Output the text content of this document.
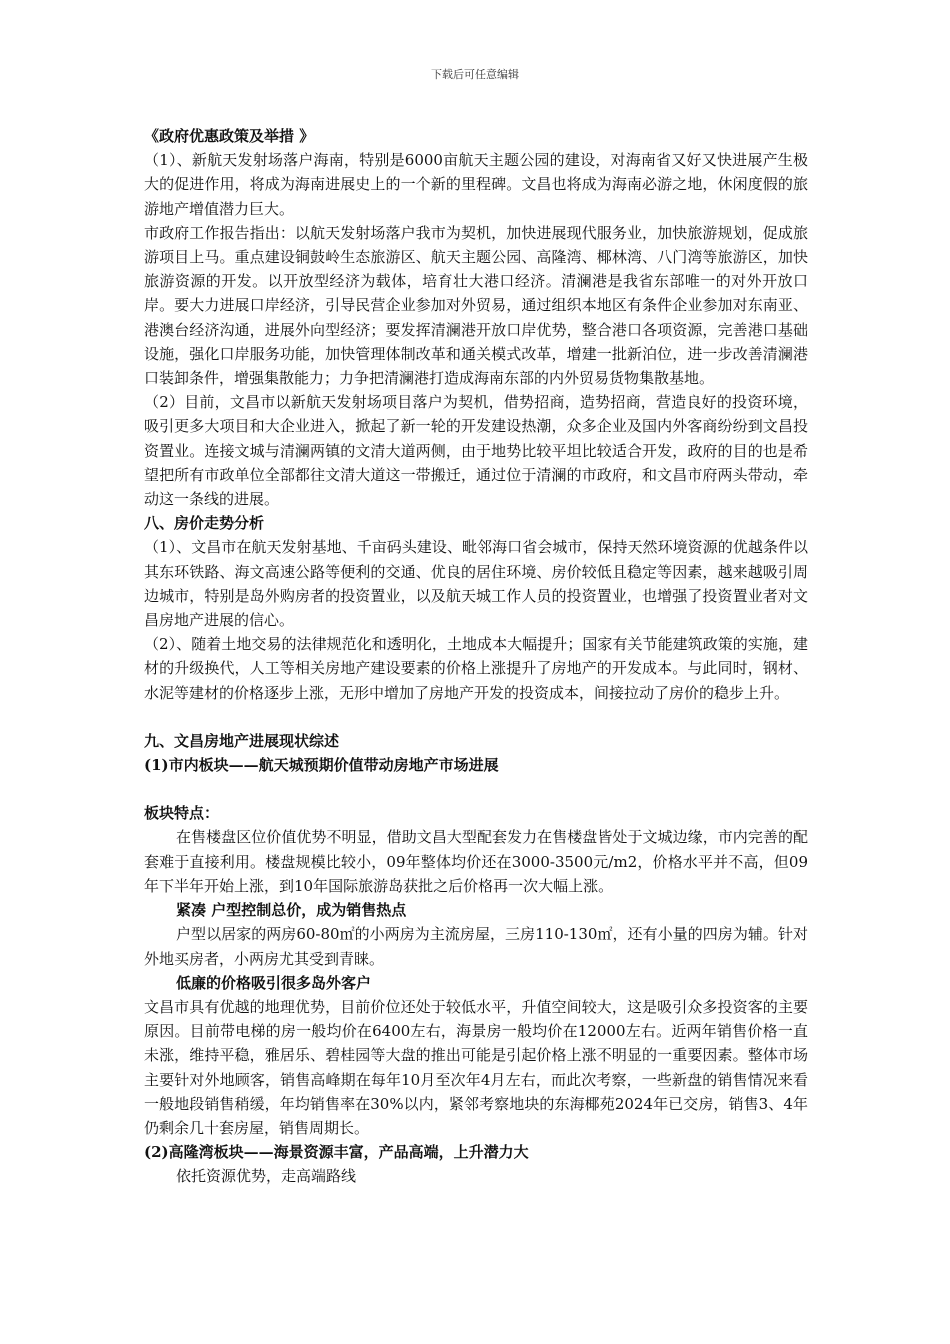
下载后可任意编辑

《政府优惠政策及举措 》

（1）、新航天发射场落户海南，特别是6000亩航天主题公园的建设，对海南省又好又快进展产生极大的促进作用，将成为海南进展史上的一个新的里程碑。文昌也将成为海南必游之地，休闲度假的旅游地产增值潜力巨大。

市政府工作报告指出：以航天发射场落户我市为契机，加快进展现代服务业，加快旅游规划，促成旅游项目上马。重点建设铜鼓岭生态旅游区、航天主题公园、高隆湾、椰林湾、八门湾等旅游区，加快旅游资源的开发。以开放型经济为载体，培育壮大港口经济。清澜港是我省东部唯一的对外开放口岸。要大力进展口岸经济，引导民营企业参加对外贸易，通过组织本地区有条件企业参加对东南亚、港澳台经济沟通，进展外向型经济；要发挥清澜港开放口岸优势，整合港口各项资源，完善港口基础设施，强化口岸服务功能，加快管理体制改革和通关模式改革，增建一批新泊位，进一步改善清澜港口装卸条件，增强集散能力；力争把清澜港打造成海南东部的内外贸易货物集散基地。

（2）目前，文昌市以新航天发射场项目落户为契机，借势招商，造势招商，营造良好的投资环境，吸引更多大项目和大企业进入，掀起了新一轮的开发建设热潮，众多企业及国内外客商纷纷到文昌投资置业。连接文城与清澜两镇的文清大道两侧，由于地势比较平坦比较适合开发，政府的目的也是希望把所有市政单位全部都往文清大道这一带搬迁，通过位于清澜的市政府，和文昌市府两头带动，牵动这一条线的进展。

八、房价走势分析

（1）、文昌市在航天发射基地、千亩码头建设、毗邻海口省会城市，保持天然环境资源的优越条件以其东环铁路、海文高速公路等便利的交通、优良的居住环境、房价较低且稳定等因素，越来越吸引周边城市，特别是岛外购房者的投资置业，以及航天城工作人员的投资置业，也增强了投资置业者对文昌房地产进展的信心。

（2）、随着土地交易的法律规范化和透明化，土地成本大幅提升；国家有关节能建筑政策的实施，建材的升级换代，人工等相关房地产建设要素的价格上涨提升了房地产的开发成本。与此同时，钢材、水泥等建材的价格逐步上涨，无形中增加了房地产开发的投资成本，间接拉动了房价的稳步上升。

九、文昌房地产进展现状综述

(1)市内板块——航天城预期价值带动房地产市场进展

板块特点：

在售楼盘区位价值优势不明显，借助文昌大型配套发力在售楼盘皆处于文城边缘，市内完善的配套难于直接利用。楼盘规模比较小，09年整体均价还在3000-3500元/m2，价格水平并不高，但09年下半年开始上涨，到10年国际旅游岛获批之后价格再一次大幅上涨。

紧凑 户型控制总价，成为销售热点

户型以居家的两房60-80㎡的小两房为主流房屋，三房110-130㎡，还有小量的四房为辅。针对外地买房者，小两房尤其受到青睐。

低廉的价格吸引很多岛外客户

文昌市具有优越的地理优势，目前价位还处于较低水平，升值空间较大，这是吸引众多投资客的主要原因。目前带电梯的房一般均价在6400左右，海景房一般均价在12000左右。近两年销售价格一直未涨，维持平稳，雅居乐、碧桂园等大盘的推出可能是引起价格上涨不明显的一重要因素。整体市场主要针对外地顾客，销售高峰期在每年10月至次年4月左右，而此次考察，一些新盘的销售情况来看一般地段销售稍缓，年均销售率在30%以内，紧邻考察地块的东海椰苑2024年已交房，销售3、4年仍剩余几十套房屋，销售周期长。

(2)高隆湾板块——海景资源丰富，产品高端，上升潜力大

依托资源优势，走高端路线
